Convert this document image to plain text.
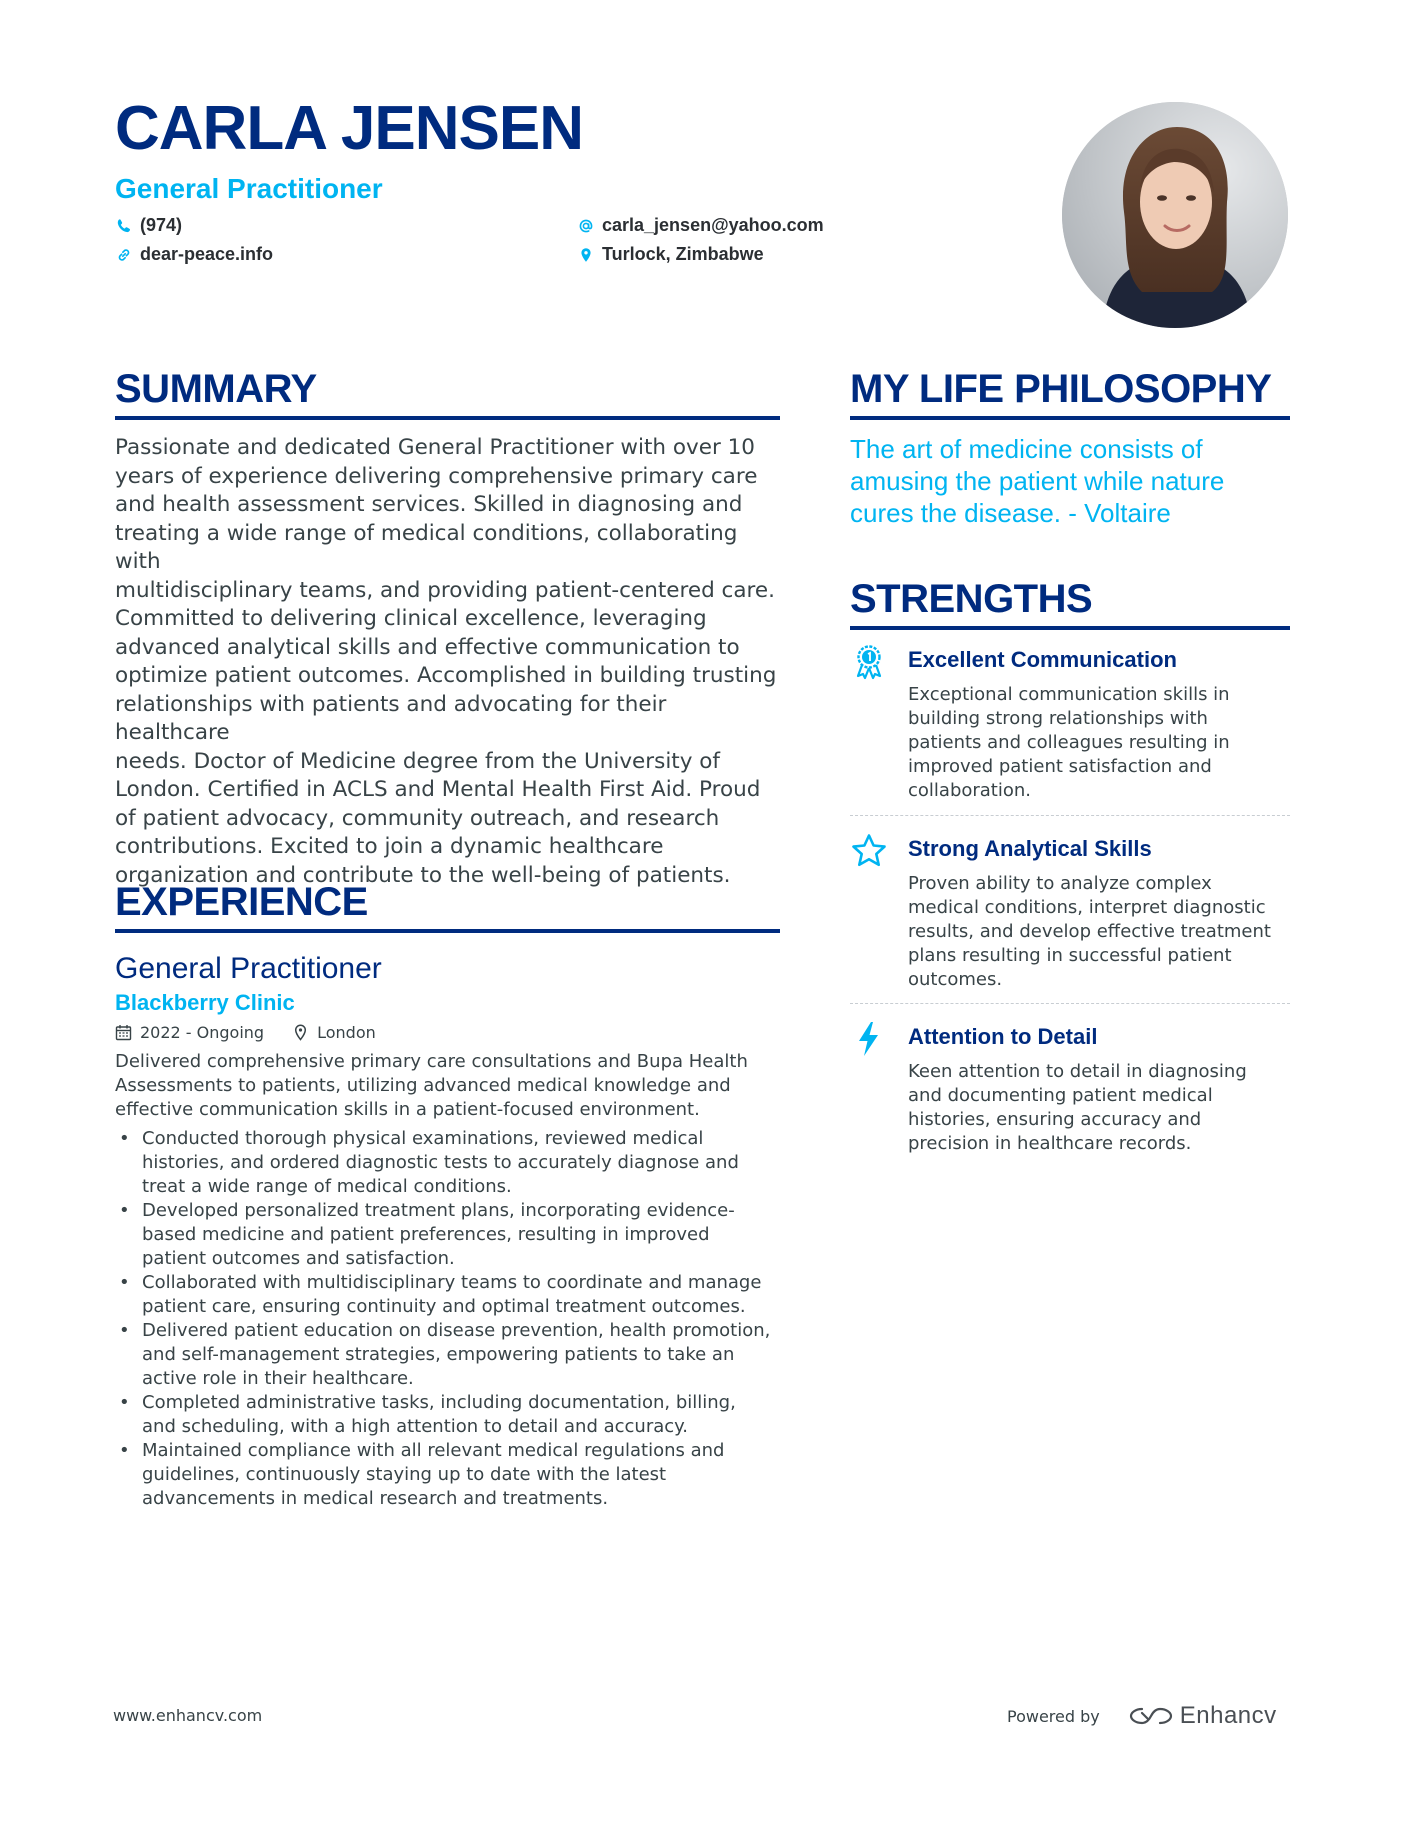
CARLA JENSEN
General Practitioner
(974)
dear-peace.info
carla_jensen@yahoo.com
Turlock, Zimbabwe
SUMMARY
Passionate and dedicated General Practitioner with over 10
years of experience delivering comprehensive primary care
and health assessment services. Skilled in diagnosing and
treating a wide range of medical conditions, collaborating with
multidisciplinary teams, and providing patient-centered care.
Committed to delivering clinical excellence, leveraging
advanced analytical skills and effective communication to
optimize patient outcomes. Accomplished in building trusting
relationships with patients and advocating for their healthcare
needs. Doctor of Medicine degree from the University of
London. Certified in ACLS and Mental Health First Aid. Proud
of patient advocacy, community outreach, and research
contributions. Excited to join a dynamic healthcare
organization and contribute to the well-being of patients.
MY LIFE PHILOSOPHY
The art of medicine consists of
amusing the patient while nature
cures the disease. - Voltaire
STRENGTHS
Excellent Communication
Exceptional communication skills in
building strong relationships with
patients and colleagues resulting in
improved patient satisfaction and
collaboration.
Strong Analytical Skills
Proven ability to analyze complex
medical conditions, interpret diagnostic
results, and develop effective treatment
plans resulting in successful patient
outcomes.
Attention to Detail
Keen attention to detail in diagnosing
and documenting patient medical
histories, ensuring accuracy and
precision in healthcare records.
EXPERIENCE
General Practitioner
Blackberry Clinic
2022 - Ongoing	London
Delivered comprehensive primary care consultations and Bupa Health
Assessments to patients, utilizing advanced medical knowledge and
effective communication skills in a patient-focused environment.
• Conducted thorough physical examinations, reviewed medical
histories, and ordered diagnostic tests to accurately diagnose and
treat a wide range of medical conditions.
• Developed personalized treatment plans, incorporating evidence-
based medicine and patient preferences, resulting in improved
patient outcomes and satisfaction.
• Collaborated with multidisciplinary teams to coordinate and manage
patient care, ensuring continuity and optimal treatment outcomes.
• Delivered patient education on disease prevention, health promotion,
and self-management strategies, empowering patients to take an
active role in their healthcare.
• Completed administrative tasks, including documentation, billing,
and scheduling, with a high attention to detail and accuracy.
• Maintained compliance with all relevant medical regulations and
guidelines, continuously staying up to date with the latest
advancements in medical research and treatments.
www.enhancv.com	Powered by	Enhancv
